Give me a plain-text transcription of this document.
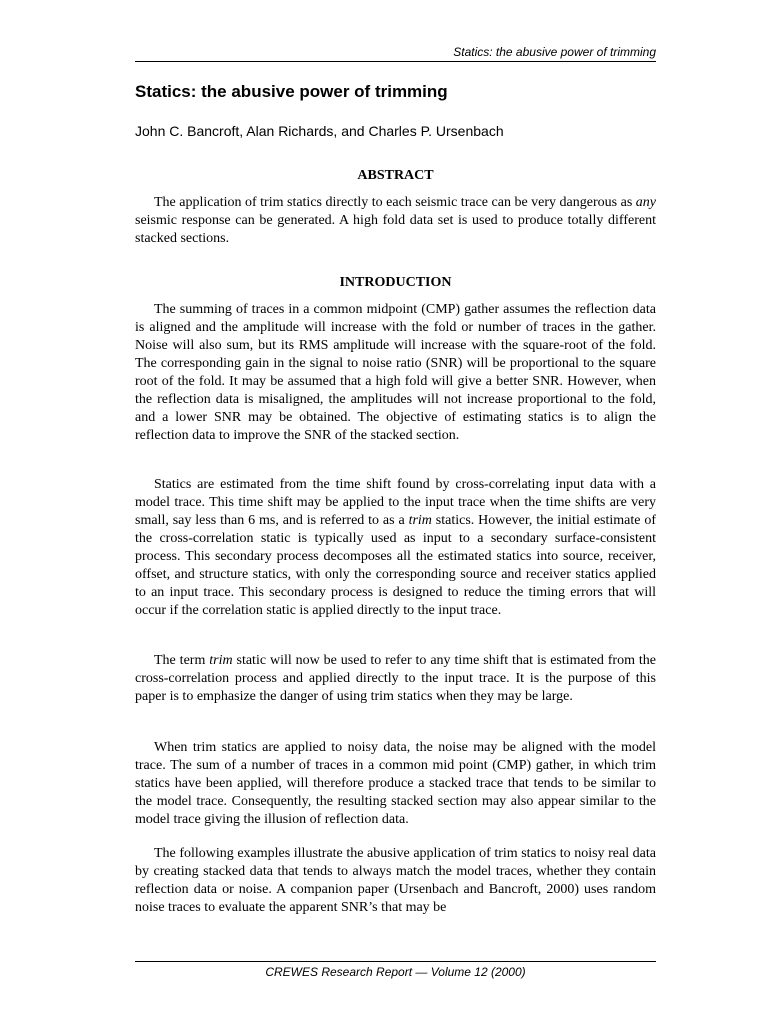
Statics: the abusive power of trimming
Statics: the abusive power of trimming
John C. Bancroft, Alan Richards, and Charles P. Ursenbach
ABSTRACT

The application of trim statics directly to each seismic trace can be very dangerous as any seismic response can be generated. A high fold data set is used to produce totally different stacked sections.

INTRODUCTION

The summing of traces in a common midpoint (CMP) gather assumes the reflection data is aligned and the amplitude will increase with the fold or number of traces in the gather. Noise will also sum, but its RMS amplitude will increase with the square-root of the fold. The corresponding gain in the signal to noise ratio (SNR) will be proportional to the square root of the fold. It may be assumed that a high fold will give a better SNR. However, when the reflection data is misaligned, the amplitudes will not increase proportional to the fold, and a lower SNR may be obtained. The objective of estimating statics is to align the reflection data to improve the SNR of the stacked section.

Statics are estimated from the time shift found by cross-correlating input data with a model trace. This time shift may be applied to the input trace when the time shifts are very small, say less than 6 ms, and is referred to as a trim statics. However, the initial estimate of the cross-correlation static is typically used as input to a secondary surface-consistent process. This secondary process decomposes all the estimated statics into source, receiver, offset, and structure statics, with only the corresponding source and receiver statics applied to an input trace. This secondary process is designed to reduce the timing errors that will occur if the correlation static is applied directly to the input trace.

The term trim static will now be used to refer to any time shift that is estimated from the cross-correlation process and applied directly to the input trace. It is the purpose of this paper is to emphasize the danger of using trim statics when they may be large.

When trim statics are applied to noisy data, the noise may be aligned with the model trace. The sum of a number of traces in a common mid point (CMP) gather, in which trim statics have been applied, will therefore produce a stacked trace that tends to be similar to the model trace. Consequently, the resulting stacked section may also appear similar to the model trace giving the illusion of reflection data.

The following examples illustrate the abusive application of trim statics to noisy real data by creating stacked data that tends to always match the model traces, whether they contain reflection data or noise. A companion paper (Ursenbach and Bancroft, 2000) uses random noise traces to evaluate the apparent SNR’s that may be

CREWES Research Report — Volume 12 (2000)
